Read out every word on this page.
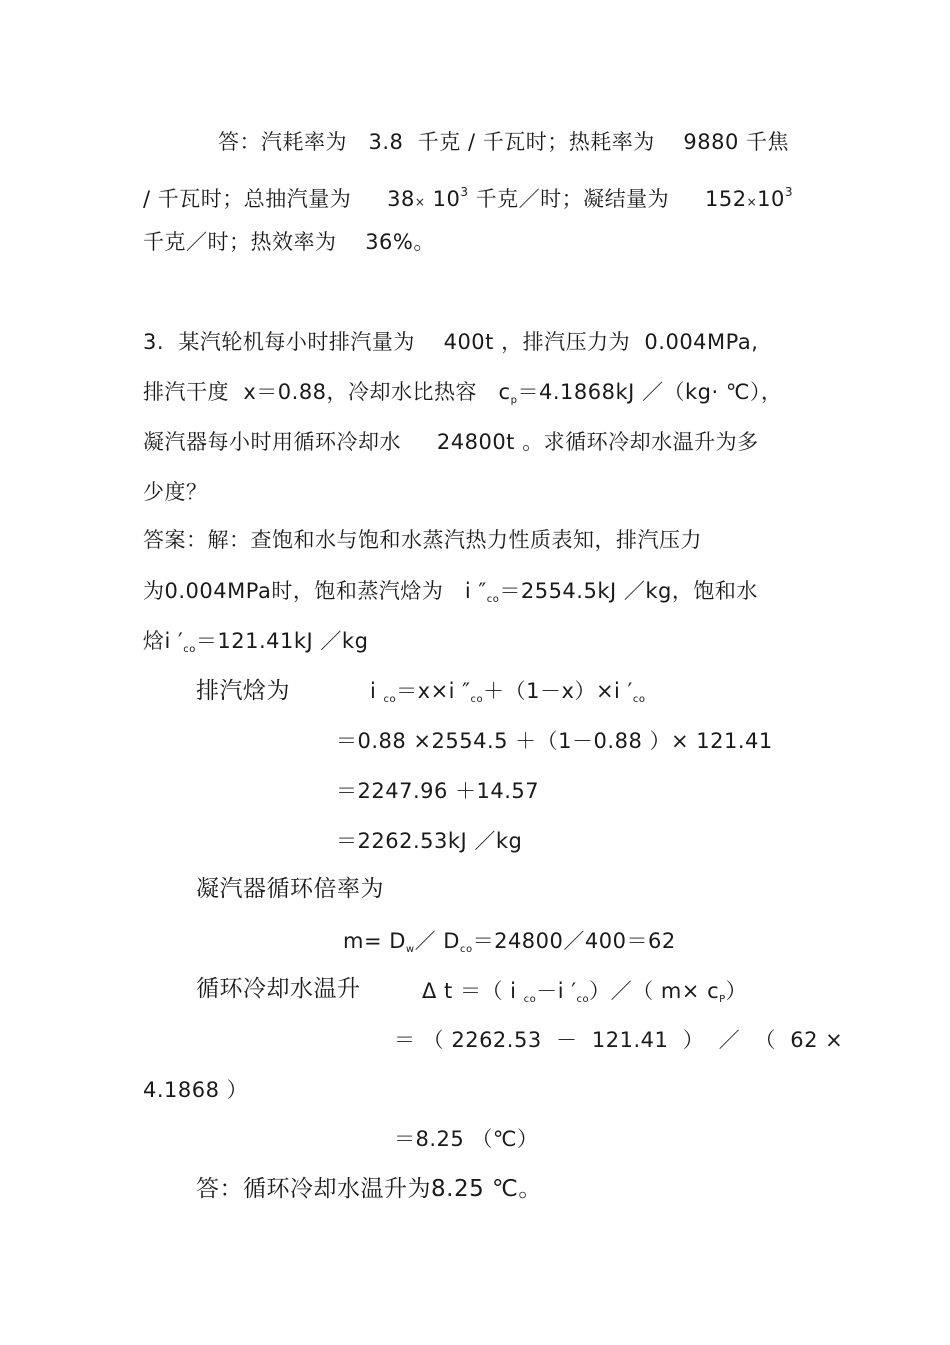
答：汽耗率为   3.8  千克 / 千瓦时；热耗率为    9880 千焦
/ 千瓦时；总抽汽量为     $38\times 10^3$ 千克／时；凝结量为     $152\times 10^3$
千克／时；热效率为    36%。
3.  某汽轮机每小时排汽量为    400t ，排汽压力为  0.004MPa,
排汽干度  x＝0.88，冷却水比热容   $c_p=4.1868kJ$ ／（kg· ℃），
凝汽器每小时用循环冷却水     24800t 。求循环冷却水温升为多
少度？
答案：解：查饱和水与饱和水蒸汽热力性质表知，排汽压力
为0.004MPa时，饱和蒸汽焓为   i $''_{co}=2554.5kJ$ ／kg，饱和水
焓i $'_{co}=121.41kJ$ ／kg
排汽焓为	i $_{co}$＝x×i $''_{co}+(1-x)\times i$ $'_{co}$
＝0.88 ×2554.5 ＋（1－0.88 ）× 121.41
＝2247.96 ＋14.57
＝2262.53kJ ／kg
凝汽器循环倍率为
$m= D_w/$ $D_{co}=24800/400=62$
循环冷却水温升	Δ t ＝（ i $_{co}$－i $'_{co})/$（ $m\times c_P$）
＝ （ 2262.53  －  121.41  ）  ／  （  62 ×
4.1868 ）
＝8.25 （℃）
答：循环冷却水温升为8.25 ℃。
